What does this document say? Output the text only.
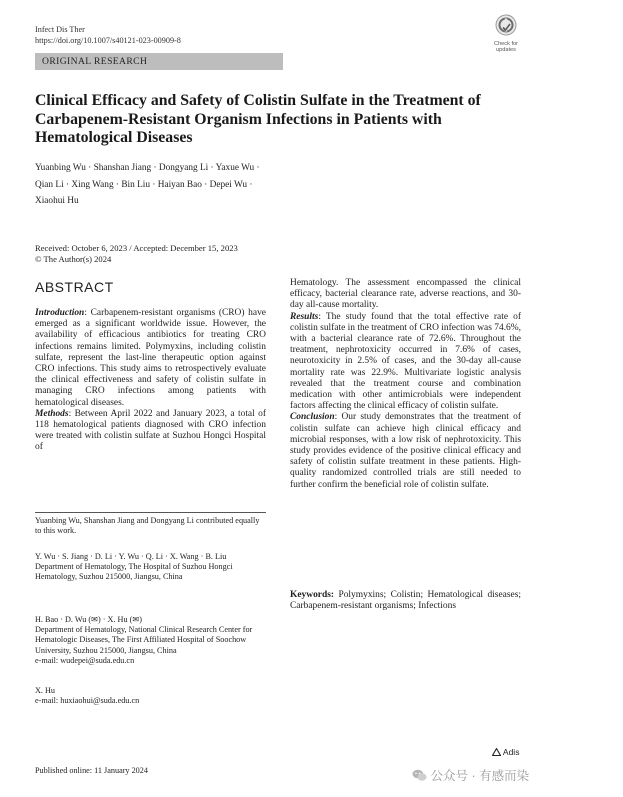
Infect Dis Ther
https://doi.org/10.1007/s40121-023-00909-8	Check for
updates
ORIGINAL RESEARCH
Clinical Efficacy and Safety of Colistin Sulfate in the Treatment of Carbapenem-Resistant Organism Infections in Patients with Hematological Diseases
Yuanbing Wu · Shanshan Jiang · Dongyang Li · Yaxue Wu ·
Qian Li · Xing Wang · Bin Liu · Haiyan Bao · Depei Wu ·
Xiaohui Hu
Received: October 6, 2023 / Accepted: December 15, 2023
© The Author(s) 2024
ABSTRACT

Introduction: Carbapenem-resistant organisms (CRO) have emerged as a significant worldwide issue. However, the availability of efficacious antibiotics for treating CRO infections remains limited. Polymyxins, including colistin sulfate, represent the last-line therapeutic option against CRO infections. This study aims to retrospectively evaluate the clinical effectiveness and safety of colistin sulfate in managing CRO infections among patients with hematological diseases.

Methods: Between April 2022 and January 2023, a total of 118 hematological patients diagnosed with CRO infection were treated with colistin sulfate at Suzhou Hongci Hospital of

Yuanbing Wu, Shanshan Jiang and Dongyang Li contributed equally to this work.
Y. Wu · S. Jiang · D. Li · Y. Wu · Q. Li · X. Wang · B. Liu
Department of Hematology, The Hospital of Suzhou Hongci Hematology, Suzhou 215000, Jiangsu, China
H. Bao · D. Wu (✉) · X. Hu (✉)
Department of Hematology, National Clinical Research Center for Hematologic Diseases, The First Affiliated Hospital of Soochow University, Suzhou 215000, Jiangsu, China
e-mail: wudepei@suda.edu.cn
X. Hu
e-mail: huxiaohui@suda.edu.cn

Hematology. The assessment encompassed the clinical efficacy, bacterial clearance rate, adverse reactions, and 30-day all-cause mortality.

Results: The study found that the total effective rate of colistin sulfate in the treatment of CRO infection was 74.6%, with a bacterial clearance rate of 72.6%. Throughout the treatment, nephrotoxicity occurred in 7.6% of cases, neurotoxicity in 2.5% of cases, and the 30-day all-cause mortality rate was 22.9%. Multivariate logistic analysis revealed that the treatment course and combination medication with other antimicrobials were independent factors affecting the clinical efficacy of colistin sulfate.

Conclusion: Our study demonstrates that the treatment of colistin sulfate can achieve high clinical efficacy and microbial responses, with a low risk of nephrotoxicity. This study provides evidence of the positive clinical efficacy and safety of colistin sulfate treatment in these patients. High-quality randomized controlled trials are still needed to further confirm the beneficial role of colistin sulfate.

Keywords: Polymyxins; Colistin; Hematological diseases; Carbapenem-resistant organisms; Infections
Adis
Published online: 11 January 2024	公众号 · 有感而染
